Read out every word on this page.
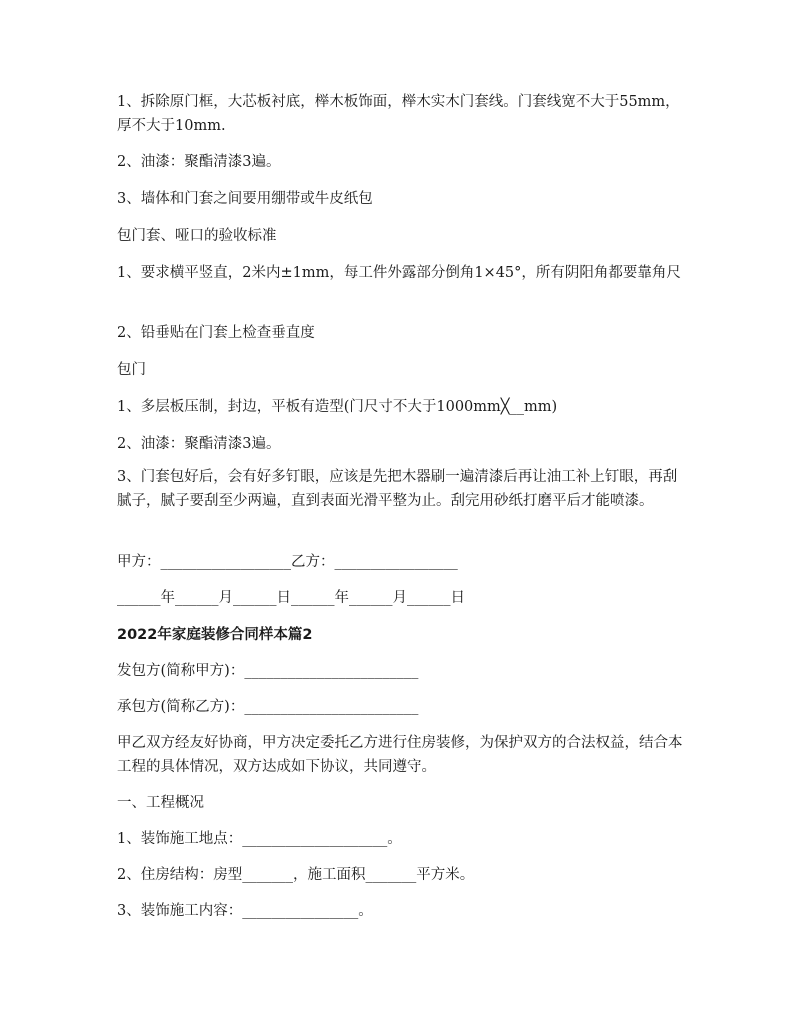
1、拆除原门框，大芯板衬底，榉木板饰面，榉木实木门套线。门套线宽不大于55mm，厚不大于10mm.

2、油漆：聚酯清漆3遍。

3、墙体和门套之间要用绷带或牛皮纸包

包门套、哑口的验收标准

1、要求横平竖直，2米内±1mm，每工件外露部分倒角1×45°，所有阴阳角都要靠角尺

2、铅垂贴在门套上检查垂直度

包门

1、多层板压制，封边，平板有造型(门尺寸不大于1000mm╳__mm)

2、油漆：聚酯清漆3遍。

3、门套包好后，会有好多钉眼，应该是先把木器刷一遍清漆后再让油工补上钉眼，再刮腻子，腻子要刮至少两遍，直到表面光滑平整为止。刮完用砂纸打磨平后才能喷漆。

甲方：__________________乙方：_________________

______年______月______日______年______月______日

2022年家庭装修合同样本篇2

发包方(简称甲方)：________________________

承包方(简称乙方)：________________________

甲乙双方经友好协商，甲方决定委托乙方进行住房装修，为保护双方的合法权益，结合本工程的具体情况，双方达成如下协议，共同遵守。

一、工程概况

1、装饰施工地点：____________________。

2、住房结构：房型_______，施工面积_______平方米。

3、装饰施工内容：________________。
